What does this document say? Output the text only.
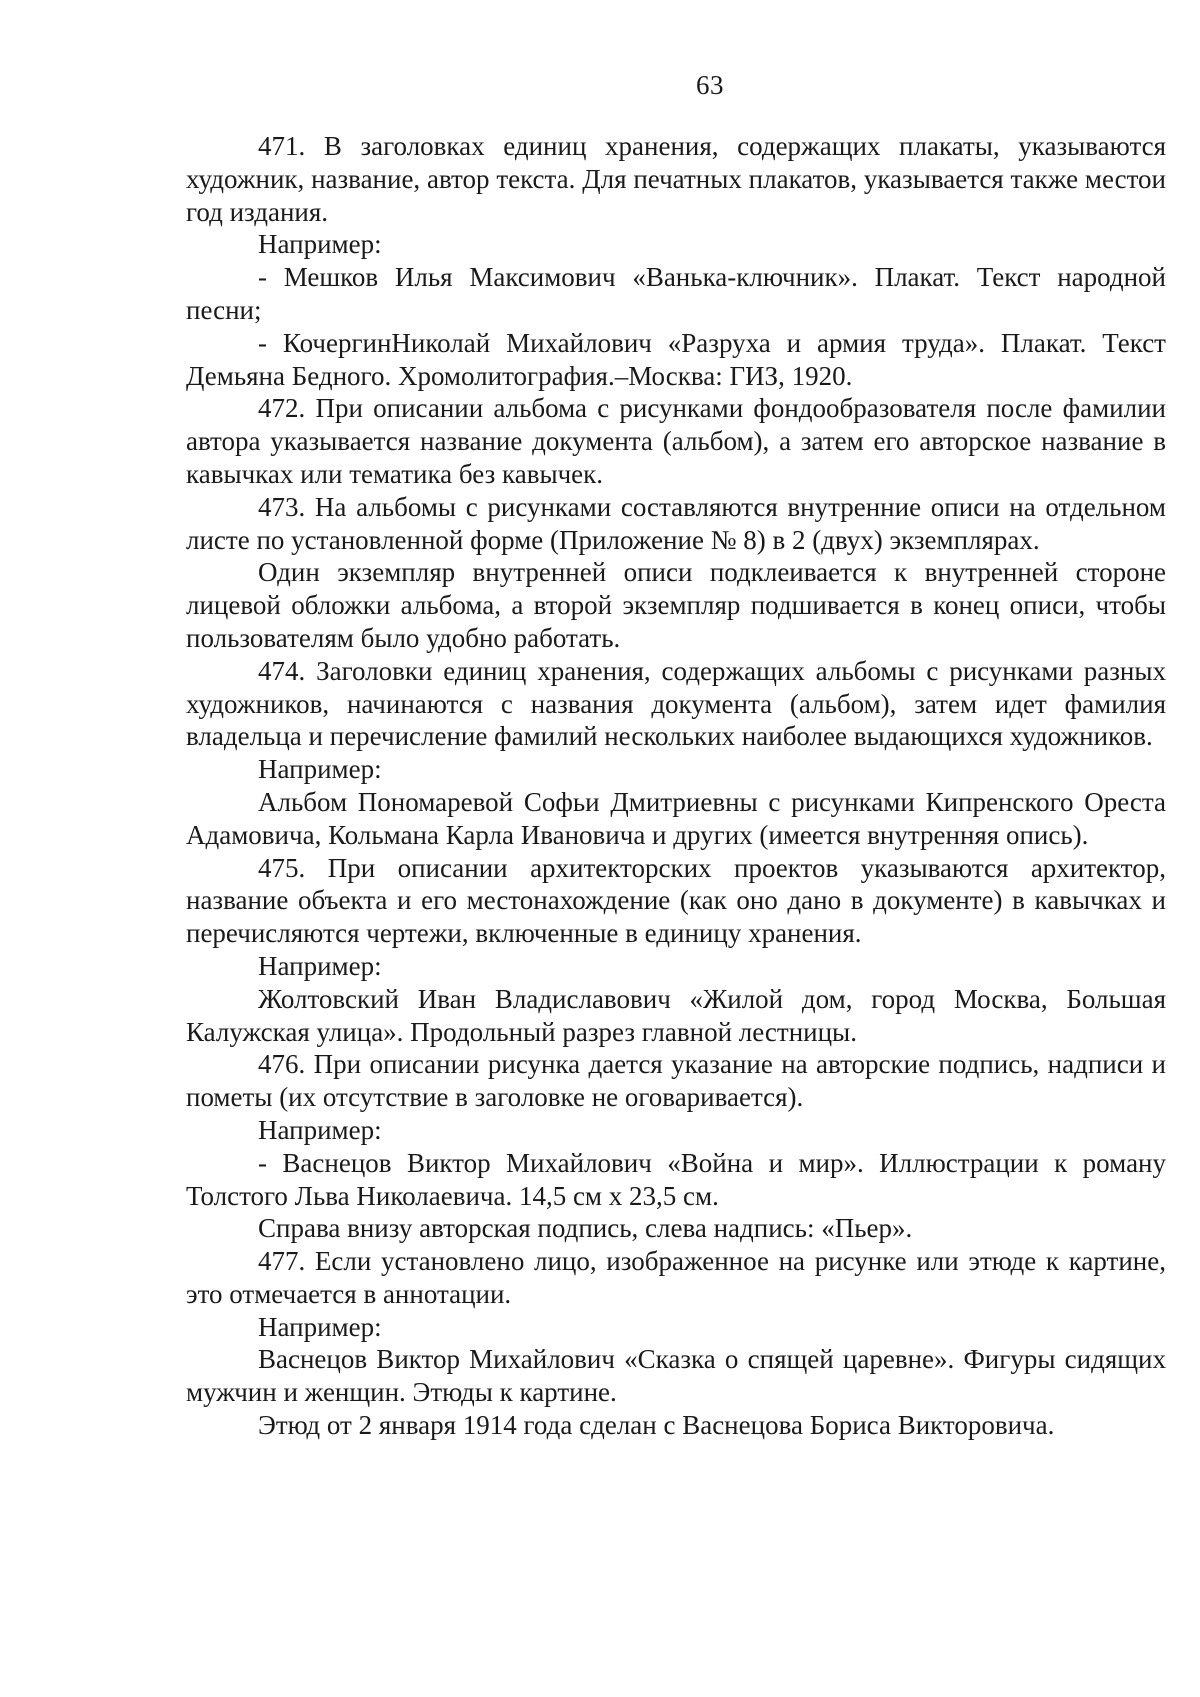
63

471. В заголовках единиц хранения, содержащих плакаты, указываются художник, название, автор текста. Для печатных плакатов, указывается также местои год издания.

Например:

- Мешков Илья Максимович «Ванька-ключник». Плакат. Текст народной песни;

- КочергинНиколай Михайлович «Разруха и армия труда». Плакат. Текст Демьяна Бедного. Хромолитография.–Москва: ГИЗ, 1920.

472. При описании альбома с рисунками фондообразователя после фамилии автора указывается название документа (альбом), а затем его авторское название в кавычках или тематика без кавычек.

473. На альбомы с рисунками составляются внутренние описи на отдельном листе по установленной форме (Приложение № 8) в 2 (двух) экземплярах.

Один экземпляр внутренней описи подклеивается к внутренней стороне лицевой обложки альбома, а второй экземпляр подшивается в конец описи, чтобы пользователям было удобно работать.

474. Заголовки единиц хранения, содержащих альбомы с рисунками разных художников, начинаются с названия документа (альбом), затем идет фамилия владельца и перечисление фамилий нескольких наиболее выдающихся художников.

Например:

Альбом Пономаревой Софьи Дмитриевны с рисунками Кипренского Ореста Адамовича, Кольмана Карла Ивановича и других (имеется внутренняя опись).

475. При описании архитекторских проектов указываются архитектор, название объекта и его местонахождение (как оно дано в документе) в кавычках и перечисляются чертежи, включенные в единицу хранения.

Например:

Жолтовский Иван Владиславович «Жилой дом, город Москва, Большая Калужская улица». Продольный разрез главной лестницы.

476. При описании рисунка дается указание на авторские подпись, надписи и пометы (их отсутствие в заголовке не оговаривается).

Например:

- Васнецов Виктор Михайлович «Война и мир». Иллюстрации к роману Толстого Льва Николаевича. 14,5 см х 23,5 см.

Справа внизу авторская подпись, слева надпись: «Пьер».

477. Если установлено лицо, изображенное на рисунке или этюде к картине, это отмечается в аннотации.

Например:

Васнецов Виктор Михайлович «Сказка о спящей царевне». Фигуры сидящих мужчин и женщин. Этюды к картине.

Этюд от 2 января 1914 года сделан с Васнецова Бориса Викторовича.
